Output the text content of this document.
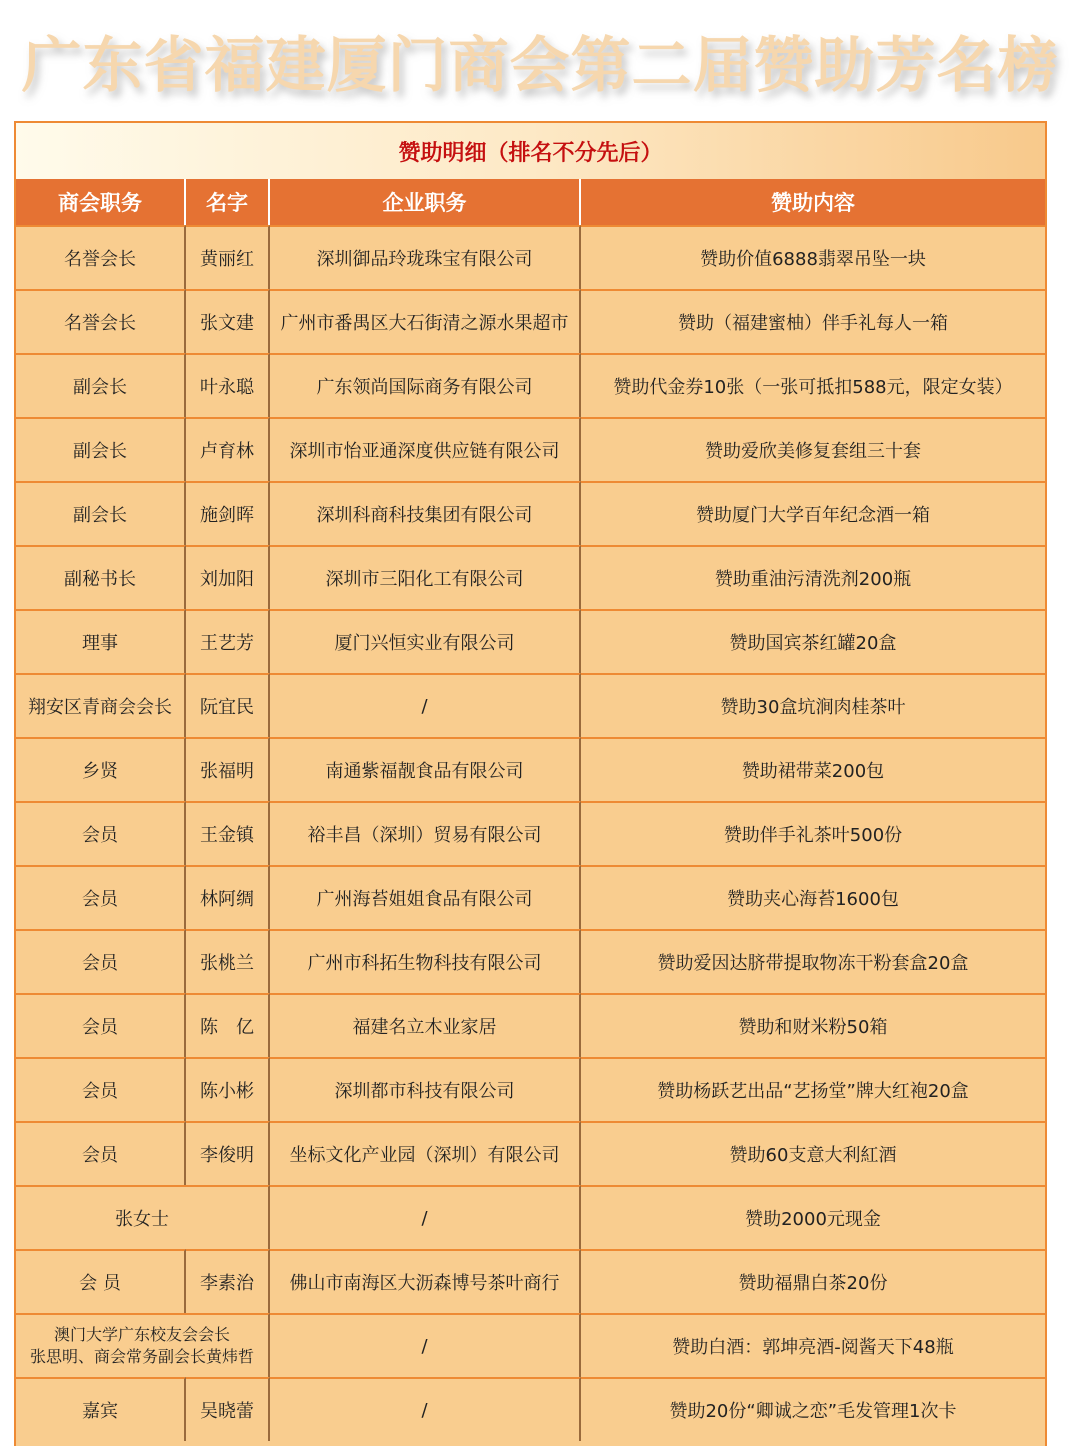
广东省福建厦门商会第二届赞助芳名榜
赞助明细（排名不分先后）
商会职务	名字	企业职务	赞助内容
名誉会长	黄丽红	深圳御品玲珑珠宝有限公司	赞助价值6888翡翠吊坠一块
名誉会长	张文建	广州市番禺区大石街清之源水果超市	赞助（福建蜜柚）伴手礼每人一箱
副会长	叶永聪	广东领尚国际商务有限公司	赞助代金券10张（一张可抵扣588元，限定女装）
副会长	卢育林	深圳市怡亚通深度供应链有限公司	赞助爱欣美修复套组三十套
副会长	施剑晖	深圳科商科技集团有限公司	赞助厦门大学百年纪念酒一箱
副秘书长	刘加阳	深圳市三阳化工有限公司	赞助重油污清洗剂200瓶
理事	王艺芳	厦门兴恒实业有限公司	赞助国宾茶红罐20盒
翔安区青商会会长	阮宜民	/	赞助30盒坑涧肉桂茶叶
乡贤	张福明	南通紫福靓食品有限公司	赞助裙带菜200包
会员	王金镇	裕丰昌（深圳）贸易有限公司	赞助伴手礼茶叶500份
会员	林阿绸	广州海苔姐姐食品有限公司	赞助夹心海苔1600包
会员	张桃兰	广州市科拓生物科技有限公司	赞助爱因达脐带提取物冻干粉套盒20盒
会员	陈　亿	福建名立木业家居	赞助和财米粉50箱
会员	陈小彬	深圳都市科技有限公司	赞助杨跃艺出品“艺扬堂”牌大红袍20盒
会员	李俊明	坐标文化产业园（深圳）有限公司	赞助60支意大利紅酒
张女士	/	赞助2000元现金
会 员	李素治	佛山市南海区大沥森博号茶叶商行	赞助福鼎白茶20份
澳门大学广东校友会会长
张思明、商会常务副会长黄炜哲	/	赞助白酒：郭坤亮酒-阅酱天下48瓶
嘉宾	吴晓蕾	/	赞助20份“卿诚之恋”毛发管理1次卡
